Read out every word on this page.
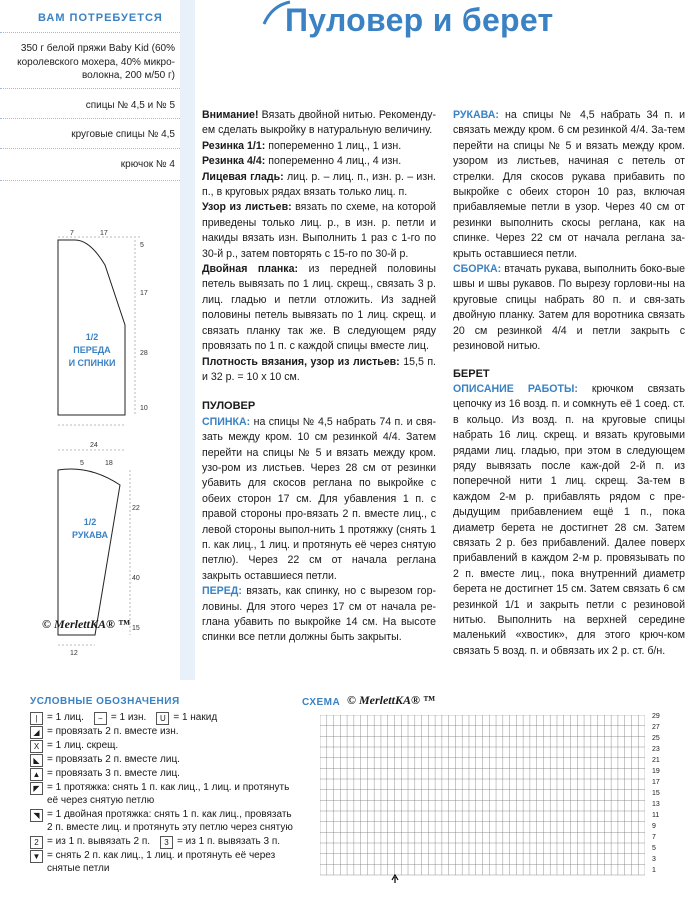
Пуловер и берет
ВАМ ПОТРЕБУЕТСЯ
350 г белой пряжи Baby Kid (60%
королевского мохера, 40% микро-
волокна, 200 м/50 г)
спицы № 4,5 и № 5
круговые спицы № 4,5
крючок № 4
7	17
5
17
28
10
24
5	18
22
40
15
12
1/2
ПЕРЕДА
И СПИНКИ
1/2
РУКАВА
© MerlettKA® ™

Внимание! Вязать двойной нитью. Рекоменду-ем сделать выкройку в натуральную величину.

Резинка 1/1: попеременно 1 лиц., 1 изн.

Резинка 4/4: попеременно 4 лиц., 4 изн.

Лицевая гладь: лиц. р. – лиц. п., изн. р. – изн. п., в круговых рядах вязать только лиц. п.

Узор из листьев: вязать по схеме, на которой приведены только лиц. р., в изн. р. петли и накиды вязать изн. Выполнить 1 раз с 1-го по 30-й р., затем повторять с 15-го по 30-й р.

Двойная планка: из передней половины петель вывязать по 1 лиц. скрещ., связать 3 р. лиц. гладью и петли отложить. Из задней половины петель вывязать по 1 лиц. скрещ. и связать планку так же. В следующем ряду провязать по 1 п. с каждой спицы вместе лиц.

Плотность вязания, узор из листьев: 15,5 п. и 32 р. = 10 х 10 см.

ПУЛОВЕР

СПИНКА: на спицы № 4,5 набрать 74 п. и свя-зать между кром. 10 см резинкой 4/4. Затем перейти на спицы № 5 и вязать между кром. узо-ром из листьев. Через 28 см от резинки убавить для скосов реглана по выкройке с обеих сторон 17 см. Для убавления 1 п. с правой стороны про-вязать 2 п. вместе лиц., с левой стороны выпол-нить 1 протяжку (снять 1 п. как лиц., 1 лиц. и протянуть её через снятую петлю). Через 22 см от начала реглана закрыть оставшиеся петли.

ПЕРЕД: вязать, как спинку, но с вырезом гор-ловины. Для этого через 17 см от начала ре-глана убавить по выкройке 14 см. На высоте спинки все петли должны быть закрыты.

РУКАВА: на спицы № 4,5 набрать 34 п. и связать между кром. 6 см резинкой 4/4. За-тем перейти на спицы № 5 и вязать между кром. узором из листьев, начиная с петель от стрелки. Для скосов рукава прибавить по выкройке с обеих сторон 10 раз, включая прибавляемые петли в узор. Через 40 см от резинки выполнить скосы реглана, как на спинке. Через 22 см от начала реглана за-крыть оставшиеся петли.

СБОРКА: втачать рукава, выполнить боко-вые швы и швы рукавов. По вырезу горлови-ны на круговые спицы набрать 80 п. и свя-зать двойную планку. Затем для воротника связать 20 см резинкой 4/4 и петли закрыть с резиновой нитью.

БЕРЕТ

ОПИСАНИЕ РАБОТЫ: крючком связать цепочку из 16 возд. п. и сомкнуть её 1 соед. ст. в кольцо. Из возд. п. на круговые спицы набрать 16 лиц. скрещ. и вязать круговыми рядами лиц. гладью, при этом в следующем ряду вывязать после каж-дой 2-й п. из поперечной нити 1 лиц. скрещ. За-тем в каждом 2-м р. прибавлять рядом с пре-дыдущим прибавлением ещё 1 п., пока диаметр берета не достигнет 28 см. Затем связать 2 р. без прибавлений. Далее поверх прибавлений в каждом 2-м р. провязывать по 2 п. вместе лиц., пока внутренний диаметр берета не достигнет 15 см. Затем связать 6 см резинкой 1/1 и закрыть петли с резиновой нитью. Выполнить на верхней середине маленький «хвостик», для этого крюч-ком связать 5 возд. п. и обвязать их 2 р. ст. б/н.

УСЛОВНЫЕ ОБОЗНАЧЕНИЯ
| = 1 лиц.	− = 1 изн.	U = 1 накид
◢ = провязать 2 п. вместе изн.
X = 1 лиц. скрещ.
◣ = провязать 2 п. вместе лиц.
▲ = провязать 3 п. вместе лиц.
◤ = 1 протяжка: снять 1 п. как лиц., 1 лиц. и протянуть её через снятую петлю
◥ = 1 двойная протяжка: снять 1 п. как лиц., провязать 2 п. вместе лиц. и протянуть эту петлю через снятую
2 = из 1 п. вывязать 2 п.	3 = из 1 п. вывязать 3 п.
▼ = снять 2 п. как лиц., 1 лиц. и протянуть её через снятые петли
СХЕМА © MerlettKA® ™
29
27
25
23
21
19
17
15
13
11
9
7
5
3
1
